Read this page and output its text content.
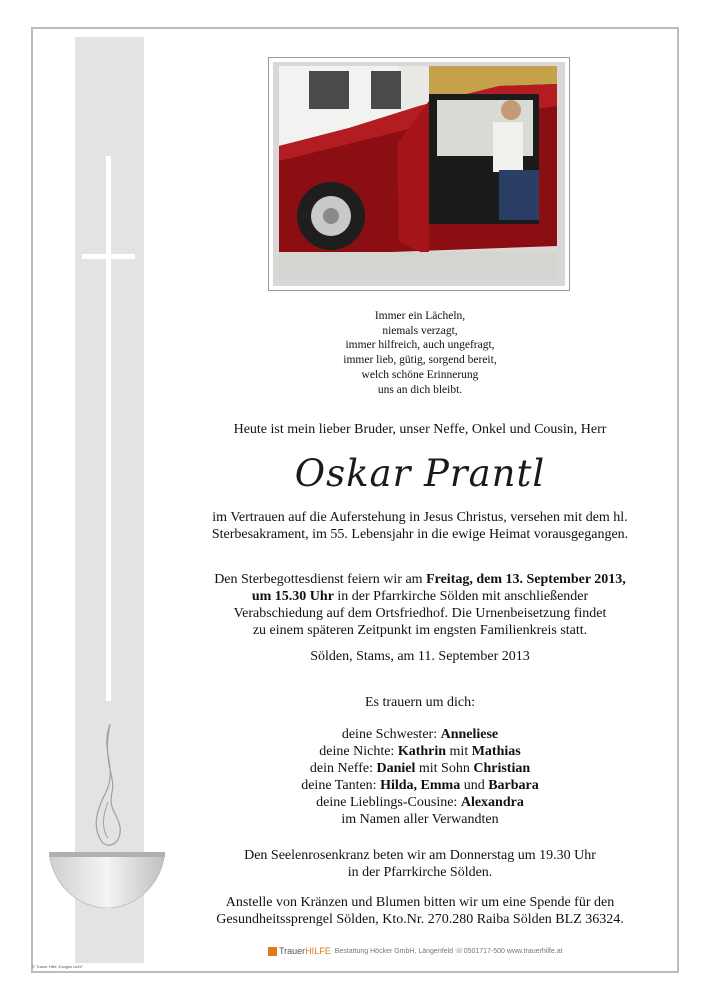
Immer ein Lächeln,
niemals verzagt,
immer hilfreich, auch ungefragt,
immer lieb, gütig, sorgend bereit,
welch schöne Erinnerung
uns an dich bleibt.
Heute ist mein lieber Bruder, unser Neffe, Onkel und Cousin, Herr
Oskar Prantl
im Vertrauen auf die Auferstehung in Jesus Christus, versehen mit dem hl.
Sterbesakrament, im 55. Lebensjahr in die ewige Heimat vorausgegangen.
Den Sterbegottesdienst feiern wir am Freitag, dem 13. September 2013,
um 15.30 Uhr in der Pfarrkirche Sölden mit anschließender
Verabschiedung auf dem Ortsfriedhof. Die Urnenbeisetzung findet
zu einem späteren Zeitpunkt im engsten Familienkreis statt.
Sölden, Stams, am 11. September 2013
Es trauern um dich:
deine Schwester: Anneliese
deine Nichte: Kathrin mit Mathias
dein Neffe: Daniel mit Sohn Christian
deine Tanten: Hilda, Emma und Barbara
deine Lieblings-Cousine: Alexandra
im Namen aller Verwandten
Den Seelenrosenkranz beten wir am Donnerstag um 19.30 Uhr
in der Pfarrkirche Sölden.
Anstelle von Kränzen und Blumen bitten wir um eine Spende für den
Gesundheitssprengel Sölden, Kto.Nr. 270.280 Raiba Sölden BLZ 36324.
TrauerHILFE Bestattung Höcker GmbH, Längenfeld ☏0501717-500 www.trauerhilfe.at
© Trauer Hilfe „Ewiges Licht"
